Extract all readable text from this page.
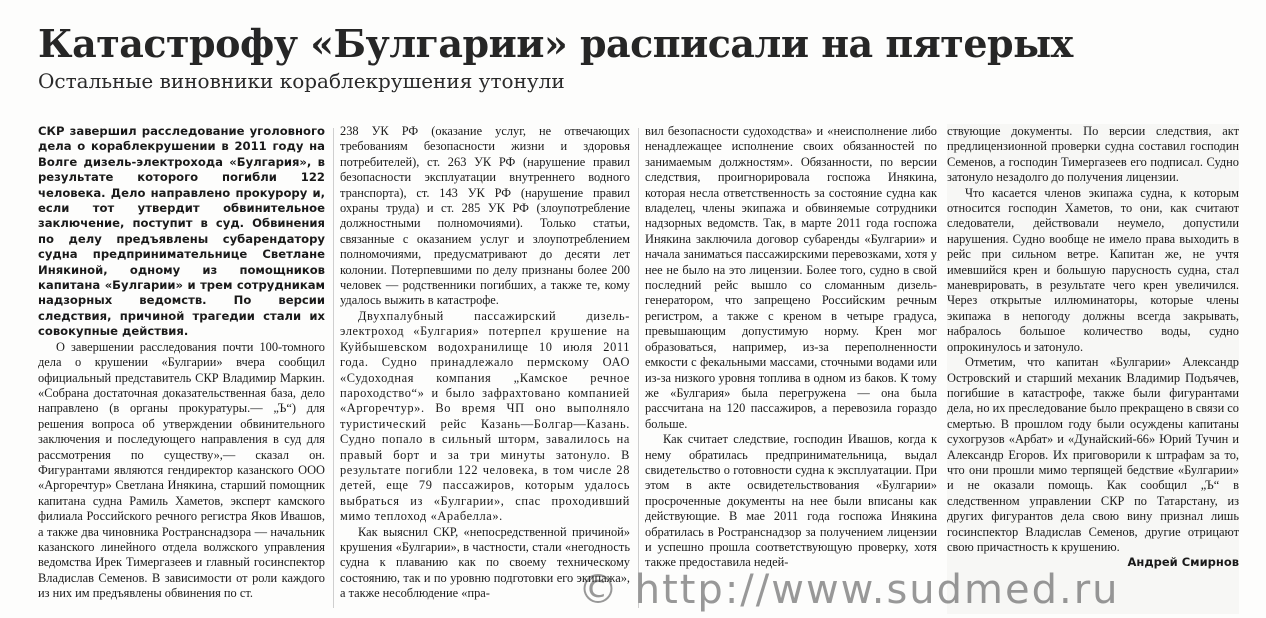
Катастрофу «Булгарии» расписали на пятерых
Остальные виновники кораблекрушения утонули

СКР завершил расследование уголовного дела о кораблекрушении в 2011 году на Волге дизель-электрохода «Булгария», в результате которого погибли 122 человека. Дело направлено прокурору и, если тот утвердит обвинительное заключение, поступит в суд. Обвинения по делу предъявлены субарендатору судна предпринимательнице Светлане Инякиной, одному из помощников капитана «Булгарии» и трем сотрудникам надзорных ведомств. По версии следствия, причиной трагедии стали их совокупные действия.

О завершении расследования почти 100-томного дела о крушении «Булгарии» вчера сообщил официальный представитель СКР Владимир Маркин. «Собрана достаточная доказательственная база, дело направлено (в органы прокуратуры.— „Ъ“) для решения вопроса об утверждении обвинительного заключения и последующего направления в суд для рассмотрения по существу»,— сказал он. Фигурантами являются гендиректор казанского ООО «Аргоречтур» Светлана Инякина, старший помощник капитана судна Рамиль Хаметов, эксперт камского филиала Российского речного регистра Яков Ивашов, а также два чиновника Ространснадзора — начальник казанского линейного отдела волжского управления ведомства Ирек Тимергазеев и главный госинспектор Владислав Семенов. В зависимости от роли каждого из них им предъявлены обвинения по ст.

238 УК РФ (оказание услуг, не отвечающих требованиям безопасности жизни и здоровья потребителей), ст. 263 УК РФ (нарушение правил безопасности эксплуатации внутреннего водного транспорта), ст. 143 УК РФ (нарушение правил охраны труда) и ст. 285 УК РФ (злоупотребление должностными полномочиями). Только статьи, связанные с оказанием услуг и злоупотреблением полномочиями, предусматривают до десяти лет колонии. Потерпевшими по делу признаны более 200 человек — родственники погибших, а также те, кому удалось выжить в катастрофе.

Двухпалубный пассажирский дизель-электроход «Булгария» потерпел крушение на Куйбышевском водохранилище 10 июля 2011 года. Судно принадлежало пермскому ОАО «Судоходная компания „Камское речное пароходство“» и было зафрахтовано компанией «Аргоречтур». Во время ЧП оно выполняло туристический рейс Казань—Болгар—Казань. Судно попало в сильный шторм, завалилось на правый борт и за три минуты затонуло. В результате погибли 122 человека, в том числе 28 детей, еще 79 пассажиров, которым удалось выбраться из «Булгарии», спас проходивший мимо теплоход «Арабелла».

Как выяснил СКР, «непосредственной причиной» крушения «Булгарии», в частности, стали «негодность судна к плаванию как по своему техническому состоянию, так и по уровню подготовки его экипажа», а также несоблюдение «пра-

вил безопасности судоходства» и «неисполнение либо ненадлежащее исполнение своих обязанностей по занимаемым должностям». Обязанности, по версии следствия, проигнорировала госпожа Инякина, которая несла ответственность за состояние судна как владелец, члены экипажа и обвиняемые сотрудники надзорных ведомств. Так, в марте 2011 года госпожа Инякина заключила договор субаренды «Булгарии» и начала заниматься пассажирскими перевозками, хотя у нее не было на это лицензии. Более того, судно в свой последний рейс вышло со сломанным дизель-генератором, что запрещено Российским речным регистром, а также с креном в четыре градуса, превышающим допустимую норму. Крен мог образоваться, например, из-за переполненности емкости с фекальными массами, сточными водами или из-за низкого уровня топлива в одном из баков. К тому же «Булгария» была перегружена — она была рассчитана на 120 пассажиров, а перевозила гораздо больше.

Как считает следствие, господин Ивашов, когда к нему обратилась предпринимательница, выдал свидетельство о готовности судна к эксплуатации. При этом в акте освидетельствования «Булгарии» просроченные документы на нее были вписаны как действующие. В мае 2011 года госпожа Инякина обратилась в Ространснадзор за получением лицензии и успешно прошла соответствующую проверку, хотя также предоставила недей-

ствующие документы. По версии следствия, акт предлицензионной проверки судна составил господин Семенов, а господин Тимергазеев его подписал. Судно затонуло незадолго до получения лицензии.

Что касается членов экипажа судна, к которым относится господин Хаметов, то они, как считают следователи, действовали неумело, допустили нарушения. Судно вообще не имело права выходить в рейс при сильном ветре. Капитан же, не учтя имевшийся крен и большую парусность судна, стал маневрировать, в результате чего крен увеличился. Через открытые иллюминаторы, которые члены экипажа в непогоду должны всегда закрывать, набралось большое количество воды, судно опрокинулось и затонуло.

Отметим, что капитан «Булгарии» Александр Островский и старший механик Владимир Подъячев, погибшие в катастрофе, также были фигурантами дела, но их преследование было прекращено в связи со смертью. В прошлом году были осуждены капитаны сухогрузов «Арбат» и «Дунайский-66» Юрий Тучин и Александр Егоров. Их приговорили к штрафам за то, что они прошли мимо терпящей бедствие «Булгарии» и не оказали помощь. Как сообщил „Ъ“ в следственном управлении СКР по Татарстану, из других фигурантов дела свою вину признал лишь госинспектор Владислав Семенов, другие отрицают свою причастность к крушению.

Андрей Смирнов

© http://www.sudmed.ru
